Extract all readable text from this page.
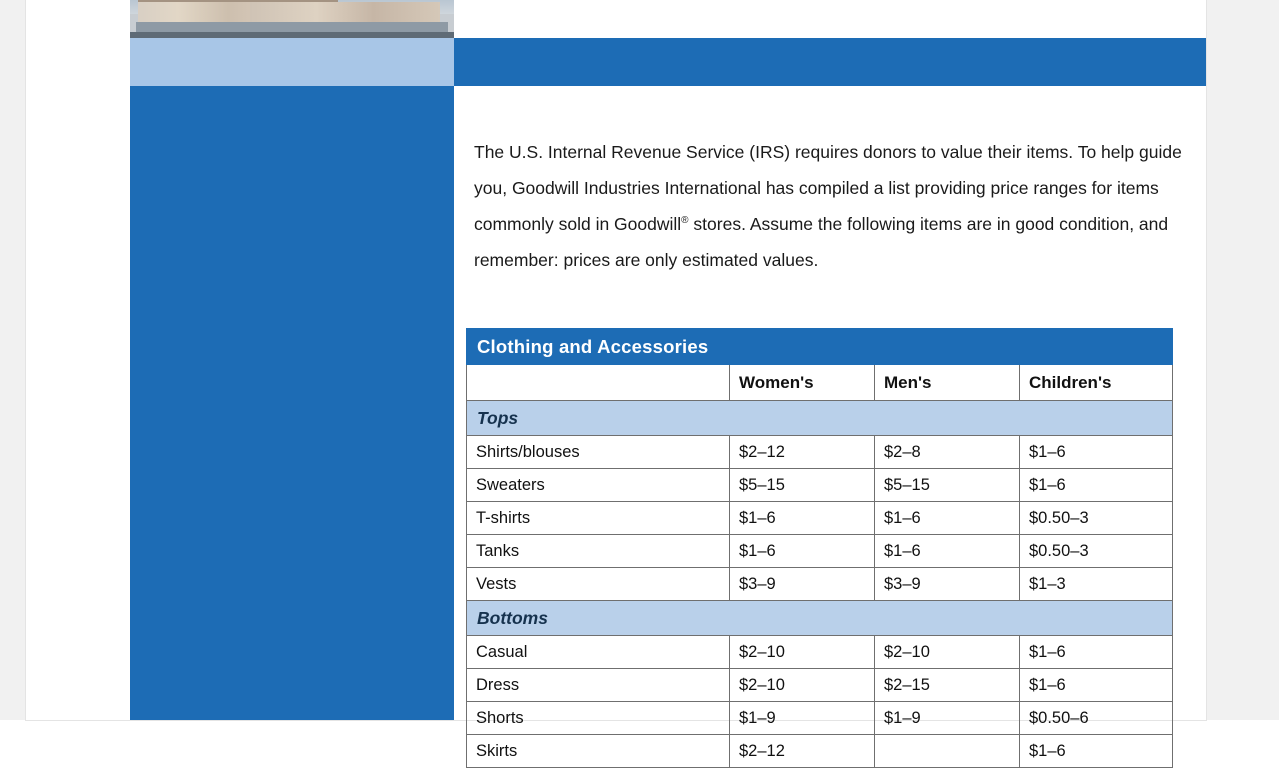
The U.S. Internal Revenue Service (IRS) requires donors to value their items. To help guide you, Goodwill Industries International has compiled a list providing price ranges for items commonly sold in Goodwill® stores. Assume the following items are in good condition, and remember: prices are only estimated values.

Clothing and Accessories			
	Women's	Men's	Children's
Tops			
Shirts/blouses	$2–12	$2–8	$1–6
Sweaters	$5–15	$5–15	$1–6
T-shirts	$1–6	$1–6	$0.50–3
Tanks	$1–6	$1–6	$0.50–3
Vests	$3–9	$3–9	$1–3
Bottoms			
Casual	$2–10	$2–10	$1–6
Dress	$2–10	$2–15	$1–6
Shorts	$1–9	$1–9	$0.50–6
Skirts	$2–12		$1–6
